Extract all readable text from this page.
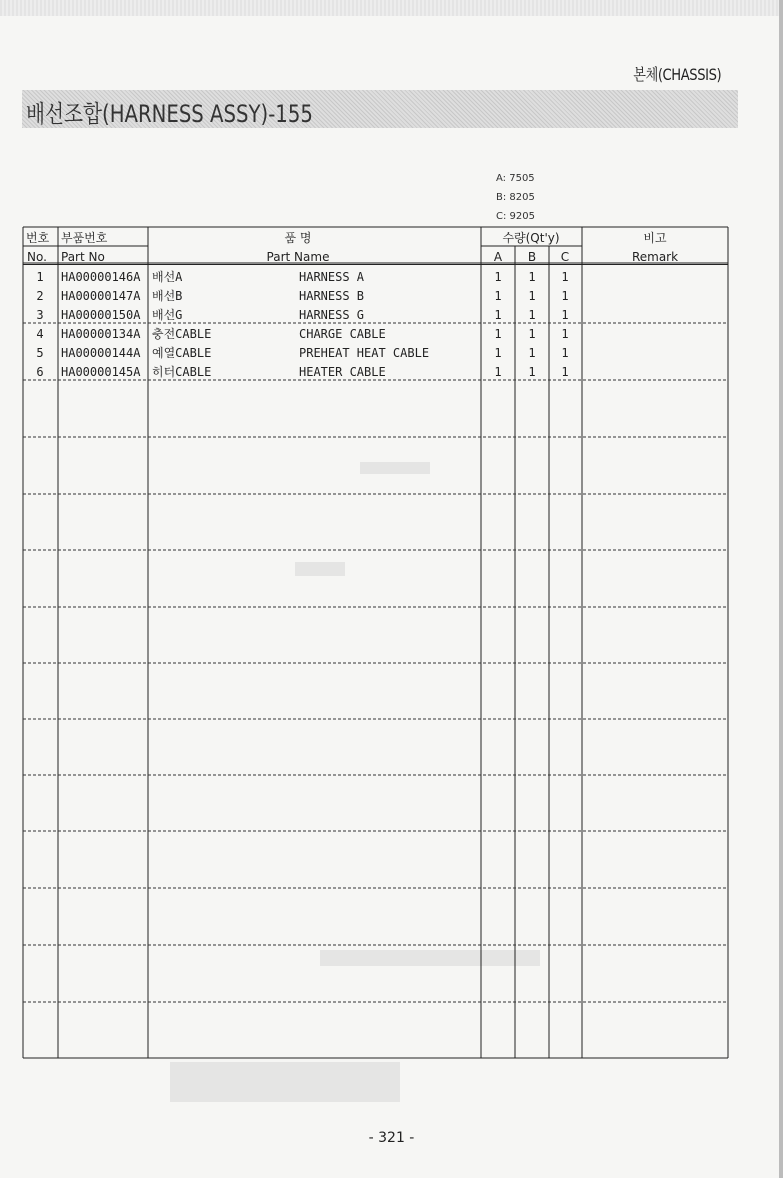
본체(CHASSIS)
배선조합(HARNESS ASSY)-155
A: 7505
B: 8205
C: 9205
번호
No.
부품번호
Part No
품 명
Part Name
수량(Qt'y)
A B C
비고
Remark
1 HA00000146A 배선A	HARNESS A	1 1 1
2 HA00000147A 배선B	HARNESS B	1 1 1
3 HA00000150A 배선G	HARNESS G	1 1 1
4 HA00000134A 충전CABLE	CHARGE CABLE	1 1 1
5 HA00000144A 예열CABLE	PREHEAT HEAT CABLE	1 1 1
6 HA00000145A 히터CABLE	HEATER CABLE	1 1 1
- 321 -
